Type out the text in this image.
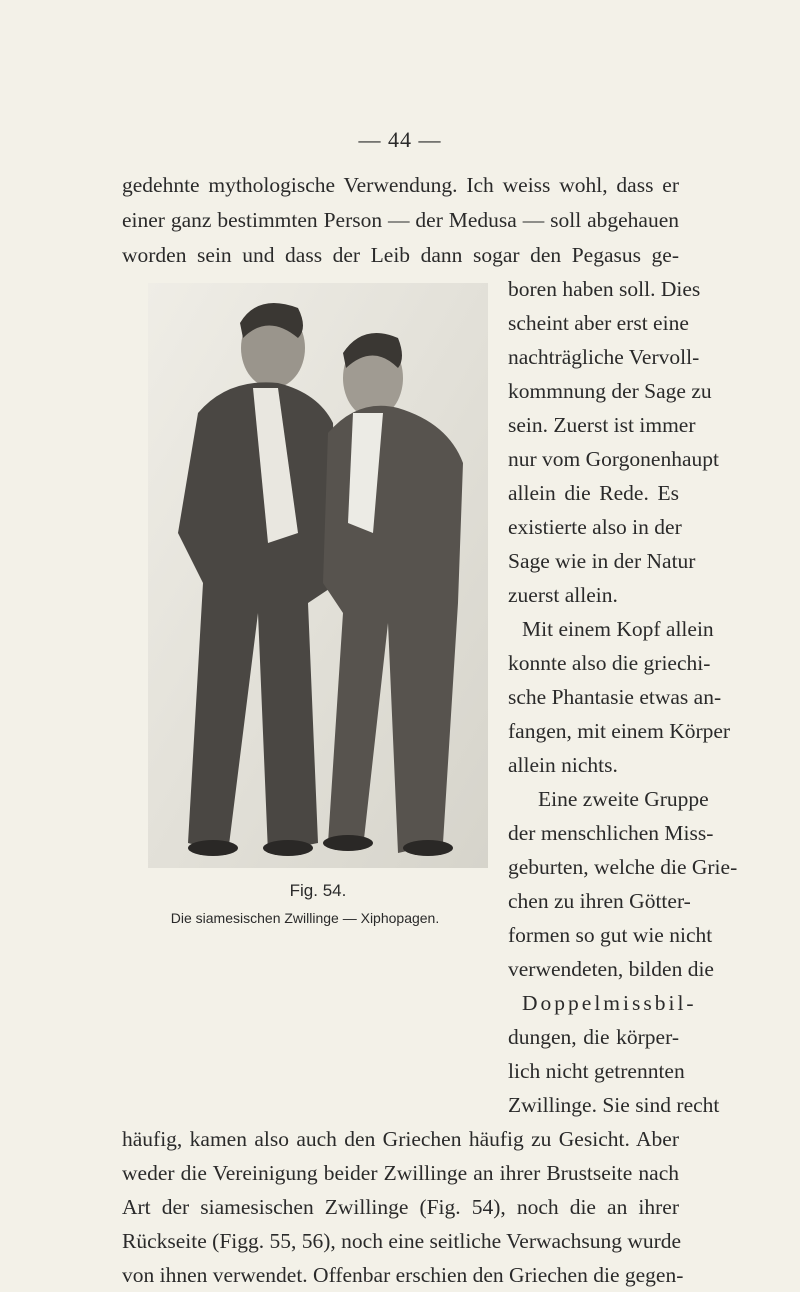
— 44 —
gedehnte mythologische Verwendung. Ich weiss wohl, dass er
einer ganz bestimmten Person — der Medusa — soll abgehauen
worden sein und dass der Leib dann sogar den Pegasus ge-
boren haben soll. Dies
scheint aber erst eine
nachträgliche Vervoll-
kommnung der Sage zu
sein. Zuerst ist immer
nur vom Gorgonenhaupt
allein die Rede. Es
existierte also in der
Sage wie in der Natur
zuerst allein.
Mit einem Kopf allein
konnte also die griechi-
sche Phantasie etwas an-
fangen, mit einem Körper
allein nichts.
Eine zweite Gruppe
der menschlichen Miss-
geburten, welche die Grie-
chen zu ihren Götter-
formen so gut wie nicht
verwendeten, bilden die
Doppelmissbil-
dungen, die körper-
lich nicht getrennten
Zwillinge. Sie sind recht
häufig, kamen also auch den Griechen häufig zu Gesicht. Aber
weder die Vereinigung beider Zwillinge an ihrer Brustseite nach
Art der siamesischen Zwillinge (Fig. 54), noch die an ihrer
Rückseite (Figg. 55, 56), noch eine seitliche Verwachsung wurde
von ihnen verwendet. Offenbar erschien den Griechen die gegen-
Fig. 54.
Die siamesischen Zwillinge — Xiphopagen.
